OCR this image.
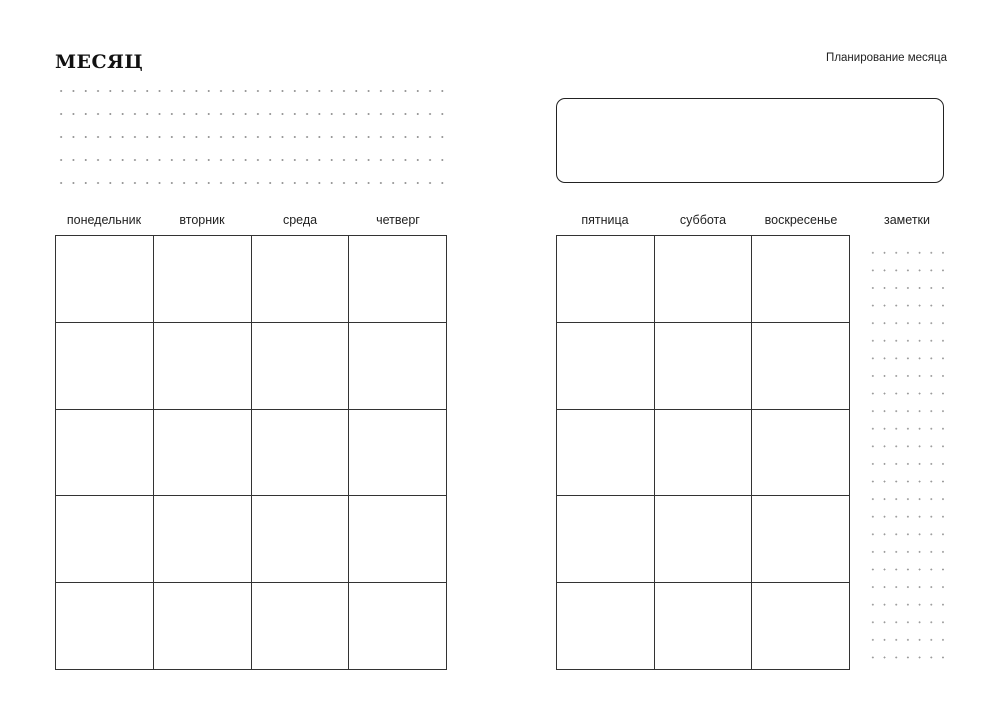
МЕСЯЦ	Планирование месяца
понедельник	вторник	среда	четверг	пятница	суббота	воскресенье	заметки
